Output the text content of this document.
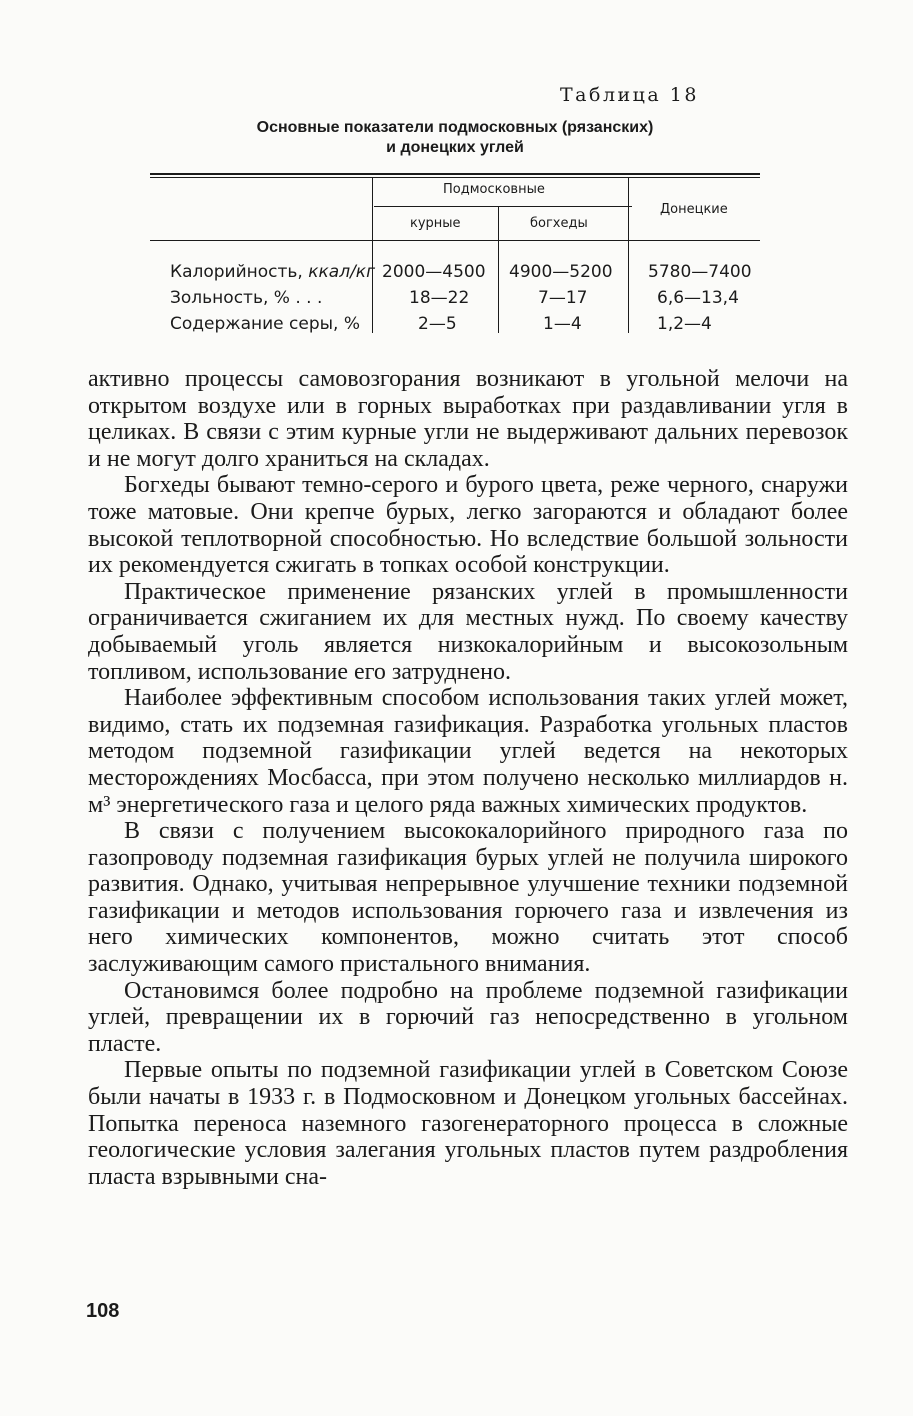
Таблица 18
Основные показатели подмосковных (рязанских)
и донецких углей
Подмосковные
курные	богхеды
Донецкие
Калорийность, ккал/кг 2000—4500 4900—5200 5780—7400
Зольность, % . . .	18—22	7—17	6,6—13,4
Содержание серы, %	2—5	1—4	1,2—4

активно процессы самовозгорания возникают в угольной мелочи на открытом воздухе или в горных выработках при раздавливании угля в целиках. В связи с этим курные угли не выдерживают дальних перевозок и не могут долго храниться на складах.

Богхеды бывают темно-серого и бурого цвета, реже черного, снаружи тоже матовые. Они крепче бурых, легко загораются и обладают более высокой теплотворной способностью. Но вследствие большой зольности их рекомендуется сжигать в топках особой конструкции.

Практическое применение рязанских углей в промышленности ограничивается сжиганием их для местных нужд. По своему качеству добываемый уголь является низкокалорийным и высокозольным топливом, использование его затруднено.

Наиболее эффективным способом использования таких углей может, видимо, стать их подземная газификация. Разработка угольных пластов методом подземной газификации углей ведется на некоторых месторождениях Мосбасса, при этом получено несколько миллиардов н. м³ энергетического газа и целого ряда важных химических продуктов.

В связи с получением высококалорийного природного газа по газопроводу подземная газификация бурых углей не получила широкого развития. Однако, учитывая непрерывное улучшение техники подземной газификации и методов использования горючего газа и извлечения из него химических компонентов, можно считать этот способ заслуживающим самого пристального внимания.

Остановимся более подробно на проблеме подземной газификации углей, превращении их в горючий газ непосредственно в угольном пласте.

Первые опыты по подземной газификации углей в Советском Союзе были начаты в 1933 г. в Подмосковном и Донецком угольных бассейнах. Попытка переноса наземного газогенераторного процесса в сложные геологические условия залегания угольных пластов путем раздробления пласта взрывными сна-

108
